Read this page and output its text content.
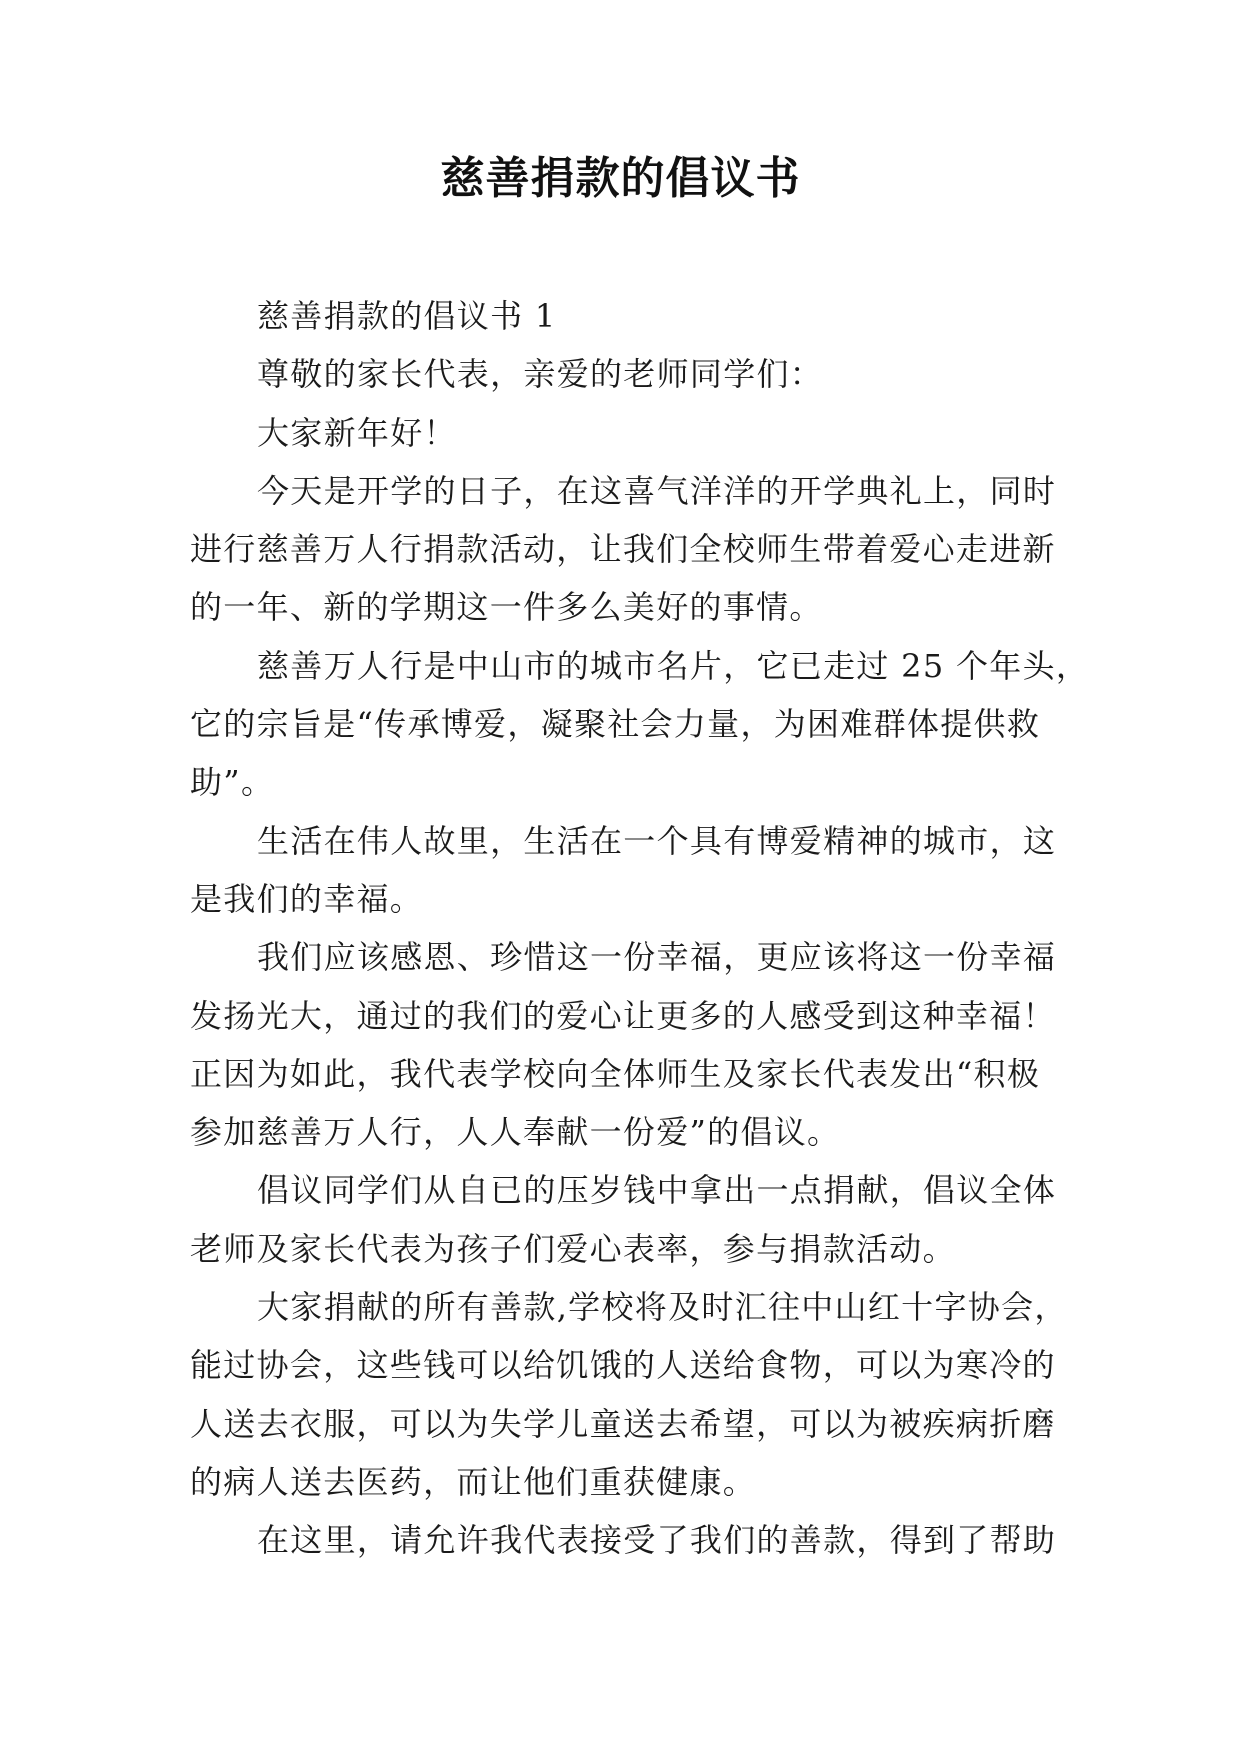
慈善捐款的倡议书
慈善捐款的倡议书 1
尊敬的家长代表，亲爱的老师同学们：
大家新年好！
今天是开学的日子，在这喜气洋洋的开学典礼上，同时
进行慈善万人行捐款活动，让我们全校师生带着爱心走进新
的一年、新的学期这一件多么美好的事情。
慈善万人行是中山市的城市名片，它已走过 25 个年头，
它的宗旨是“传承博爱，凝聚社会力量，为困难群体提供救
助”。
生活在伟人故里，生活在一个具有博爱精神的城市，这
是我们的幸福。
我们应该感恩、珍惜这一份幸福，更应该将这一份幸福
发扬光大，通过的我们的爱心让更多的人感受到这种幸福！
正因为如此，我代表学校向全体师生及家长代表发出“积极
参加慈善万人行，人人奉献一份爱”的倡议。
倡议同学们从自已的压岁钱中拿出一点捐献，倡议全体
老师及家长代表为孩子们爱心表率，参与捐款活动。
大家捐献的所有善款,学校将及时汇往中山红十字协会，
能过协会，这些钱可以给饥饿的人送给食物，可以为寒冷的
人送去衣服，可以为失学儿童送去希望，可以为被疾病折磨
的病人送去医药，而让他们重获健康。
在这里，请允许我代表接受了我们的善款，得到了帮助
